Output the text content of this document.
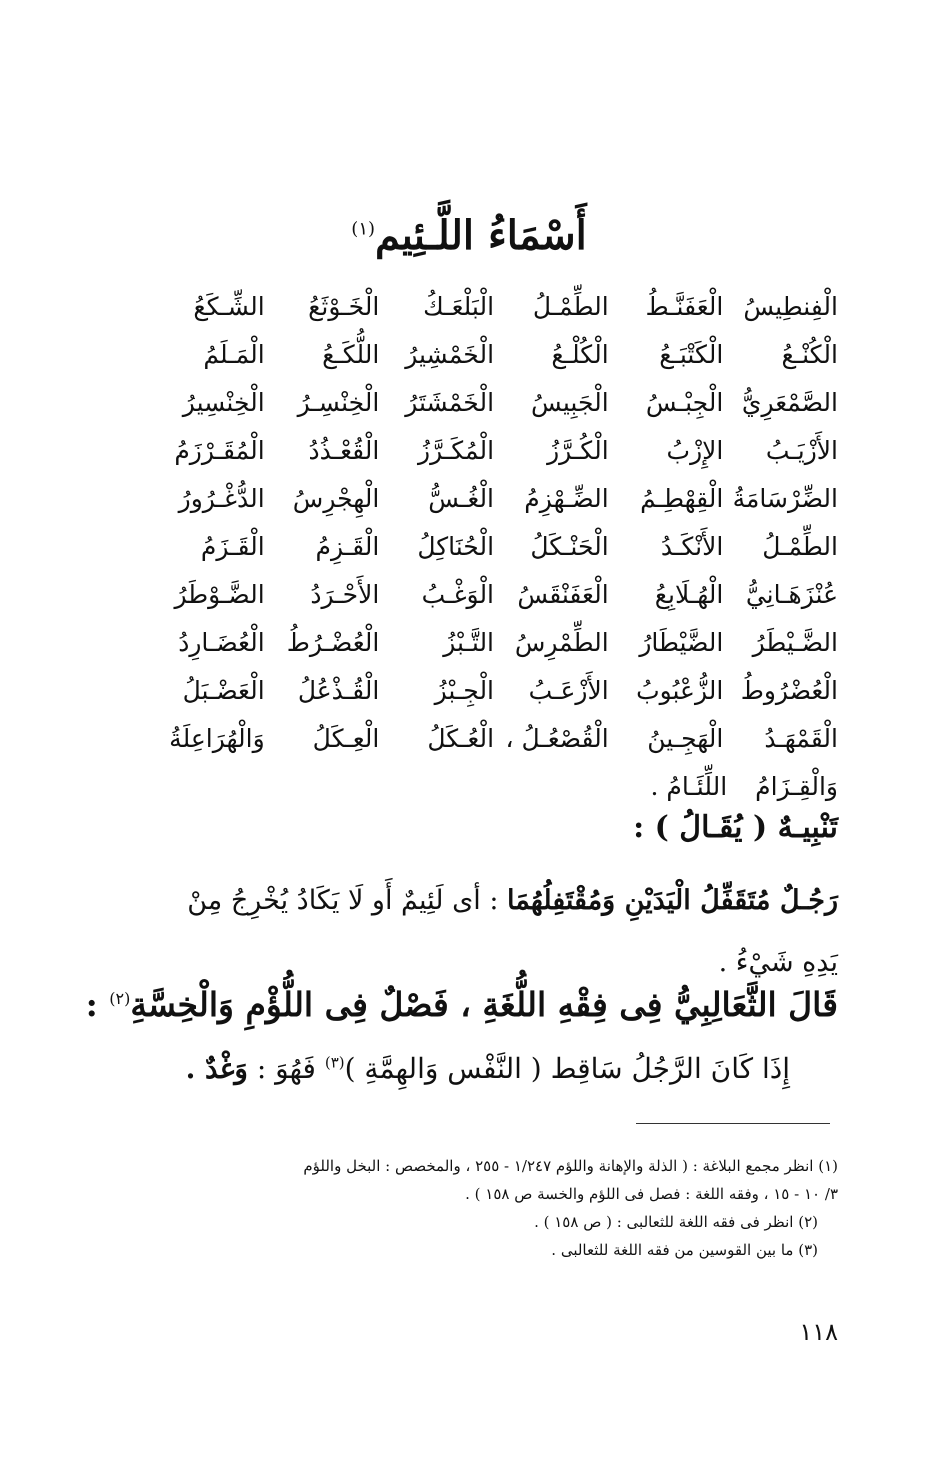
أَسْمَاءُ اللَّـئِيم$^{(١)}$
الْفِنطِيسُ
الْعَفَنَّـطُ
الطِّمْـلُ
الْبَلْعَـكُ
الْخَـوْثَعُ
الشِّـكَعُ
الْكُنْـعُ
الْكَتْبَـعُ
الْكُلْـعُ
الْخَمْشِيرُ
اللُّكَـعُ
الْمَـلَمُ
الصَّمْعَرِيُّ
الْجِبْـسُ
الْجَبِيسُ
الْخَمْشَتَرُ
الْخِنْسِـرُ
الْخِنْسِيرُ
الأَزْيَـبُ
الإِزْبُ
الْكُـرَّزُ
الْمُكَـرَّزُ
الْقُعْـذُدُ
الْمُقَـرْزَمُ
الضِّرْسَامَةُ
الْقِهْطِـمُ
الضِّـهْزِمُ
الْغُـسُّ
الْهِجْرِسُ
الدُّغْـرُورُ
الطِّمْـلُ
الأَنْكَـدُ
الْحَنْـكَلُ
الْحُنَاكِلُ
الْقَـزِمُ
الْقَـزَمُ
عُنْزَهَـانِيُّ
الْهُـلَابِعُ
الْعَفَنْقَسُ
الْوَغْـبُ
الأَحْـرَدُ
الضَّـوْطَرُ
الضَّـيْطَرُ
الضَّيْطَارُ
الطِّمْرِسُ
التَّـبْزُ
الْعُضْـرُطُ
الْعُضَـارِدُ
الْعُضْرُوطُ
الزُّعْبُوبُ
الأَزْعَـبُ
الْجِـبْزُ
الْقُـذْعُلُ
الْعَضْـبَلُ
الْقَمْهَـدُ
الْهَجِـينُ
الْقُصْعُـلُ ،
الْعُـكَلُ
الْعِـكَلُ
وَالْهُرَاعِلَةُ
وَالْقِـزَامُ
اللِّئَـامُ .
تَنْبِيـهٌ ( يُقَـالُ ) :
رَجُـلٌ مُتَقَفِّلُ الْيَدَيْنِ وَمُقْتَفِلُهُمَا : أى لَئِيمٌ أَو لَا يَكَادُ يُخْرِجُ مِنْ يَدِهِ شَيْءُ .
قَالَ الثَّعَالِبِيُّ فِى فِقْهِ اللُّغَةِ ، فَصْلٌ فِى اللُّؤْمِ وَالْخِسَّةِ$^{(٢)}$ :
إِذَا كَانَ الرَّجُلُ سَاقِط ( النَّفْس وَالهِمَّةِ )$^{(٣)}$ فَهُوَ : وَغْدٌ .
(١) انظر مجمع البلاغة : ( الذلة والإهانة واللؤم ١/٢٤٧ - ٢٥٥ ، والمخصص : البخل واللؤم
٣/ ١٠ - ١٥ ، وفقه اللغة : فصل فى اللؤم والخسة ص ١٥٨ ) .
(٢) انظر فى فقه اللغة للثعالبى : ( ص ١٥٨ ) .
(٣) ما بين القوسين من فقه اللغة للثعالبى .
١١٨
